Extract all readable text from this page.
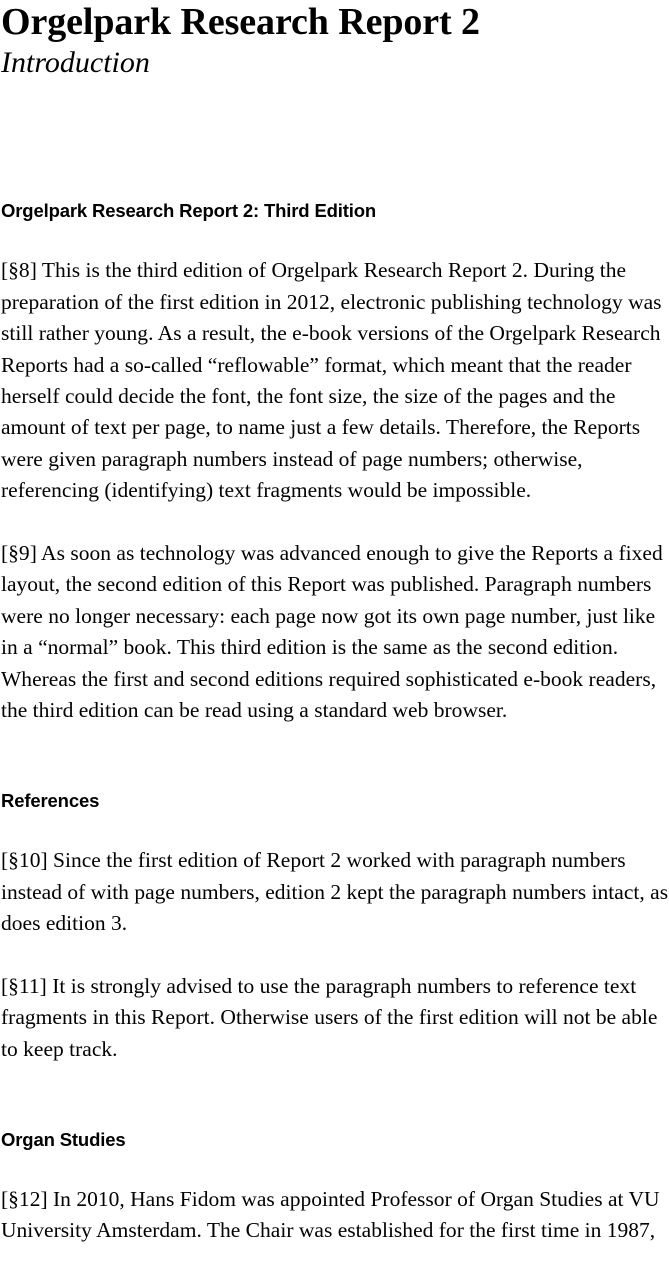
Orgelpark Research Report 2
Introduction
Orgelpark Research Report 2: Third Edition

[§8] This is the third edition of Orgelpark Research Report 2. During the preparation of the first edition in 2012, electronic publishing technology was still rather young. As a result, the e-book versions of the Orgelpark Research Reports had a so-called “reflowable” format, which meant that the reader herself could decide the font, the font size, the size of the pages and the amount of text per page, to name just a few details. Therefore, the Reports were given paragraph numbers instead of page numbers; otherwise, referencing (identifying) text fragments would be impossible.

[§9] As soon as technology was advanced enough to give the Reports a fixed layout, the second edition of this Report was published. Paragraph numbers were no longer necessary: each page now got its own page number, just like in a “normal” book. This third edition is the same as the second edition. Whereas the first and second editions required sophisticated e-book readers, the third edition can be read using a standard web browser.

References

[§10] Since the first edition of Report 2 worked with paragraph numbers instead of with page numbers, edition 2 kept the paragraph numbers intact, as does edition 3.

[§11] It is strongly advised to use the paragraph numbers to reference text fragments in this Report. Otherwise users of the first edition will not be able to keep track.

Organ Studies

[§12] In 2010, Hans Fidom was appointed Professor of Organ Studies at VU University Amsterdam. The Chair was established for the first time in 1987,
